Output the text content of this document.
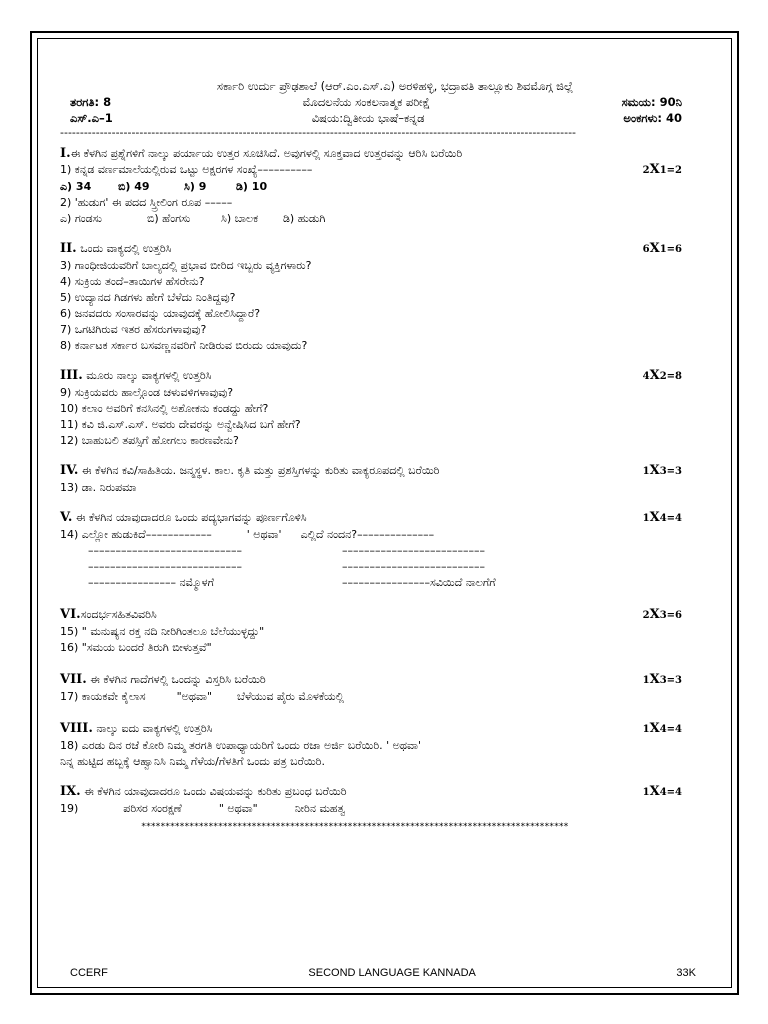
ಸರ್ಕಾರಿ ಉರ್ದು ಪ್ರೌಢಶಾಲೆ (ಆರ್.ಎಂ.ಎಸ್.ಎ) ಅರಳಿಹಳ್ಳಿ, ಭದ್ರಾವತಿ ತಾಲ್ಲೂಕು ಶಿವಮೊಗ್ಗ ಜಿಲ್ಲೆ
ತರಗತಿ: 8	ಮೊದಲನೆಯ ಸಂಕಲನಾತ್ಮಕ ಪರೀಕ್ಷೆ	ಸಮಯ: 90ನಿ
ಎಸ್.ಎ–1	ವಿಷಯ:ದ್ವಿತೀಯ ಭಾಷೆ–ಕನ್ನಡ	ಅಂಕಗಳು: 40
----------------------------------------------------------------------------------------------------------------------------------
I.ಈ ಕೆಳಗಿನ ಪ್ರಶ್ನೆಗಳಿಗೆ ನಾಲ್ಕು ಪರ್ಯಾಯ ಉತ್ತರ ಸೂಚಿಸಿದೆ. ಅವುಗಳಲ್ಲಿ ಸೂಕ್ತವಾದ ಉತ್ತರವನ್ನು ಆರಿಸಿ ಬರೆಯಿರಿ
1) ಕನ್ನಡ ವರ್ಣಮಾಲೆಯಲ್ಲಿರುವ ಒಟ್ಟು ಅಕ್ಷರಗಳ ಸಂಖ್ಯೆ––––––––––	2X1=2
ಎ) 34	ಬಿ) 49	ಸಿ) 9	ಡಿ) 10
2) 'ಹುಡುಗ' ಈ ಪದದ ಸ್ತ್ರೀಲಿಂಗ ರೂಪ –––––
ಎ) ಗಂಡಸು	ಬಿ) ಹೆಂಗಸು	ಸಿ) ಬಾಲಕ	ಡಿ) ಹುಡುಗಿ
II. ಒಂದು ವಾಕ್ಯದಲ್ಲಿ ಉತ್ತರಿಸಿ	6X1=6
3) ಗಾಂಧೀಜಿಯವರಿಗೆ ಬಾಲ್ಯದಲ್ಲಿ ಪ್ರಭಾವ ಬೀರಿದ ಇಬ್ಬರು ವ್ಯಕ್ತಿಗಳಾರು?
4) ಸುಕ್ರಿಯ ತಂದೆ–ತಾಯಿಗಳ ಹೆಸರೇನು?
5) ಉದ್ಯಾನದ ಗಿಡಗಳು ಹೇಗೆ ಬೆಳೆದು ನಿಂತಿದ್ದವು?
6) ಜನವದರು ಸಂಸಾರವನ್ನು ಯಾವುದಕ್ಕೆ ಹೋಲಿಸಿದ್ದಾರೆ?
7) ಒಗಟಿಗಿರುವ ಇತರ ಹೆಸರುಗಳಾವುವು?
8) ಕರ್ನಾಟಕ ಸರ್ಕಾರ ಬಸವಣ್ಣನವರಿಗೆ ನೀಡಿರುವ ಬಿರುದು ಯಾವುದು?
III. ಮೂರು ನಾಲ್ಕು ವಾಕ್ಯಗಳಲ್ಲಿ ಉತ್ತರಿಸಿ	4X2=8
9) ಸುಕ್ರಿಯವರು ಹಾಲ್ಗೊಂಡ ಚಳುವಳಿಗಳಾವುವು?
10) ಕಲಾಂ ಅವರಿಗೆ ಕನಸಿನಲ್ಲಿ ಅಶೋಕನು ಕಂಡದ್ದು ಹೇಗೆ?
11) ಕವಿ ಜಿ.ಎಸ್.ಎಸ್. ಅವರು ದೇವರನ್ನು ಅನ್ವೇಷಿಸಿದ ಬಗೆ ಹೇಗೆ?
12) ಬಾಹುಬಲಿ ತಪಸ್ಸಿಗೆ ಹೋಗಲು ಕಾರಣವೇನು?
IV. ಈ ಕೆಳಗಿನ ಕವಿ/ಸಾಹಿತಿಯ. ಜನ್ಮಸ್ಥಳ. ಕಾಲ. ಕೃತಿ ಮತ್ತು ಪ್ರಶಸ್ತಿಗಳನ್ನು ಕುರಿತು ವಾಕ್ಯರೂಪದಲ್ಲಿ ಬರೆಯಿರಿ	1X3=3
13) ಡಾ. ನಿರುಪಮಾ
V. ಈ ಕೆಳಗಿನ ಯಾವುದಾದರೂ ಒಂದು ಪದ್ಯಭಾಗವನ್ನು ಪೂರ್ಣಗೊಳಿಸಿ	1X4=4
14) ಎಲ್ಲೋ ಹುಡುಕಿದೆ––––––––––––	' ಅಥವಾ' ಎಲ್ಲಿದೆ ನಂದನ?––––––––––––––
––––––––––––––––––––––––––––	––––––––––––––––––––––––––
––––––––––––––––––––––––––––	––––––––––––––––––––––––––
–––––––––––––––– ನಮ್ಮೊಳಗೆ	––––––––––––––––ಸವಿಯಿದೆ ನಾಲಗೆಗೆ
VI.ಸಂದರ್ಭಸಹಿತವಿವರಿಸಿ	2X3=6
15) " ಮನುಷ್ಯನ ರಕ್ತ ನದಿ ನೀರಿಗಿಂತಲೂ ಬೆಲೆಯುಳ್ಳದ್ದು"
16) "ಸಮಯ ಬಂದರೆ ತಿರುಗಿ ಬೀಳುತ್ತವೆ"
VII. ಈ ಕೆಳಗಿನ ಗಾದೆಗಳಲ್ಲಿ ಒಂದನ್ನು ವಿಸ್ತರಿಸಿ ಬರೆಯಿರಿ	1X3=3
17) ಕಾಯಕವೇ ಕೈಲಾಸ	"ಅಥವಾ" ಬೆಳೆಯುವ ಪೈರು ಮೊಳಕೆಯಲ್ಲಿ
VIII. ನಾಲ್ಕು ಐದು ವಾಕ್ಯಗಳಲ್ಲಿ ಉತ್ತರಿಸಿ	1X4=4
18) ಎರಡು ದಿನ ರಜೆ ಕೋರಿ ನಿಮ್ಮ ತರಗತಿ ಉಪಾಧ್ಯಾಯರಿಗೆ ಒಂದು ರಜಾ ಅರ್ಜಿ ಬರೆಯಿರಿ. ' ಅಥವಾ'
ನಿನ್ನ ಹುಟ್ಟಿದ ಹಬ್ಬಕ್ಕೆ ಆಹ್ವಾನಿಸಿ ನಿಮ್ಮ ಗೆಳೆಯ/ಗೆಳತಿಗೆ ಒಂದು ಪತ್ರ ಬರೆಯಿರಿ.
IX. ಈ ಕೆಳಗಿನ ಯಾವುದಾದರೂ ಒಂದು ವಿಷಯವನ್ನು ಕುರಿತು ಪ್ರಬಂಧ ಬರೆಯಿರಿ	1X4=4
19)	ಪರಿಸರ ಸಂರಕ್ಷಣೆ	" ಅಥವಾ"	ನೀರಿನ ಮಹತ್ವ
*****************************************************************************************
CCERF	SECOND LANGUAGE KANNADA	33K
